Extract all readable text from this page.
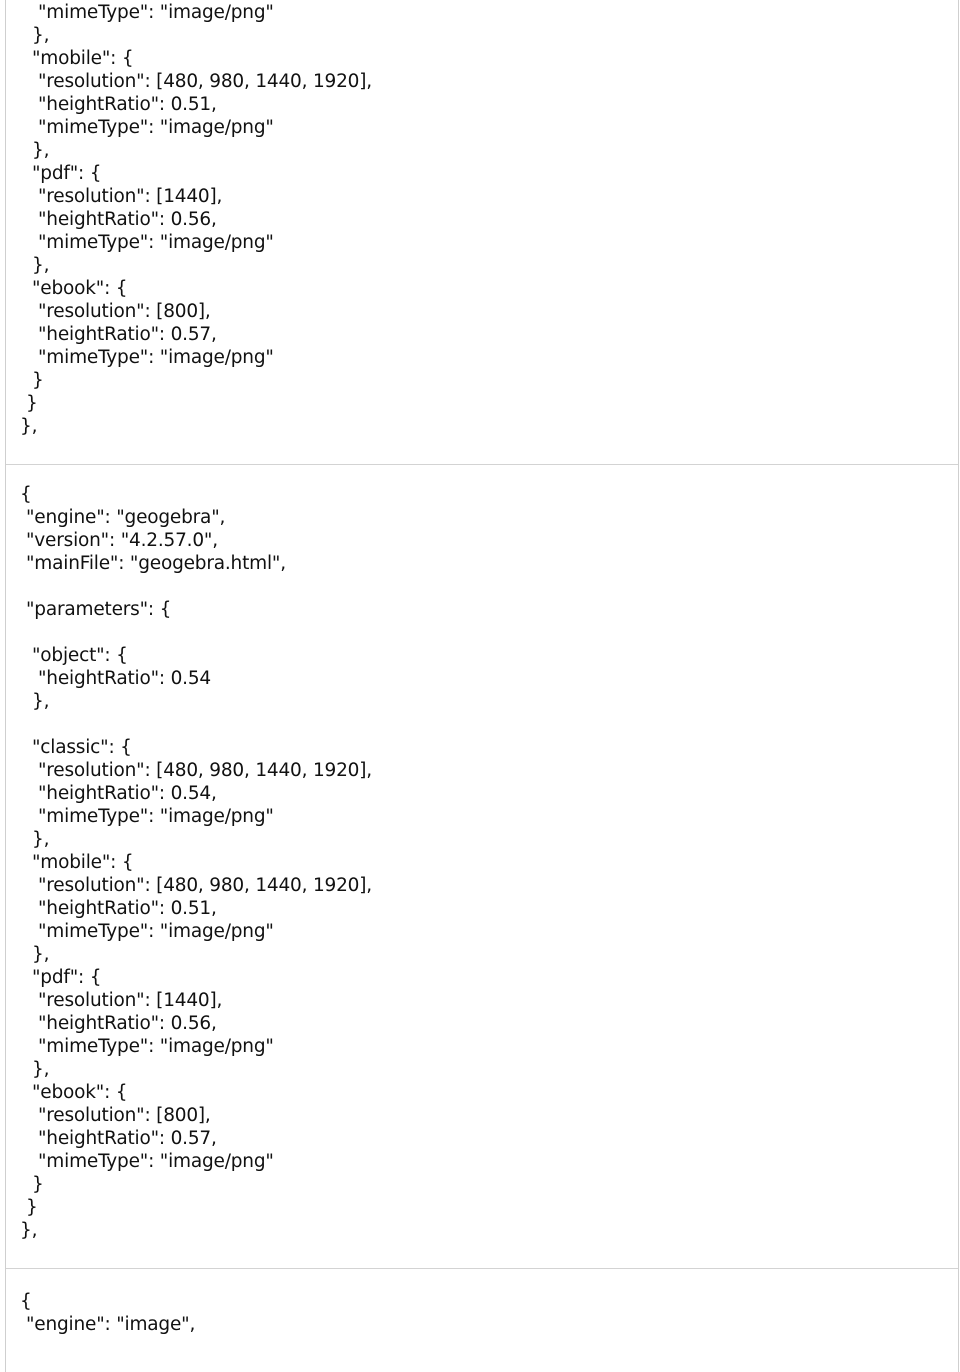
"mimeType": "image/png"
},
"mobile": {
"resolution": [480, 980, 1440, 1920],
"heightRatio": 0.51,
"mimeType": "image/png"
},
"pdf": {
"resolution": [1440],
"heightRatio": 0.56,
"mimeType": "image/png"
},
"ebook": {
"resolution": [800],
"heightRatio": 0.57,
"mimeType": "image/png"
}
}
},
{
"engine": "geogebra",
"version": "4.2.57.0",
"mainFile": "geogebra.html",
"parameters": {
"object": {
"heightRatio": 0.54
},
"classic": {
"resolution": [480, 980, 1440, 1920],
"heightRatio": 0.54,
"mimeType": "image/png"
},
"mobile": {
"resolution": [480, 980, 1440, 1920],
"heightRatio": 0.51,
"mimeType": "image/png"
},
"pdf": {
"resolution": [1440],
"heightRatio": 0.56,
"mimeType": "image/png"
},
"ebook": {
"resolution": [800],
"heightRatio": 0.57,
"mimeType": "image/png"
}
}
},
{
"engine": "image",
